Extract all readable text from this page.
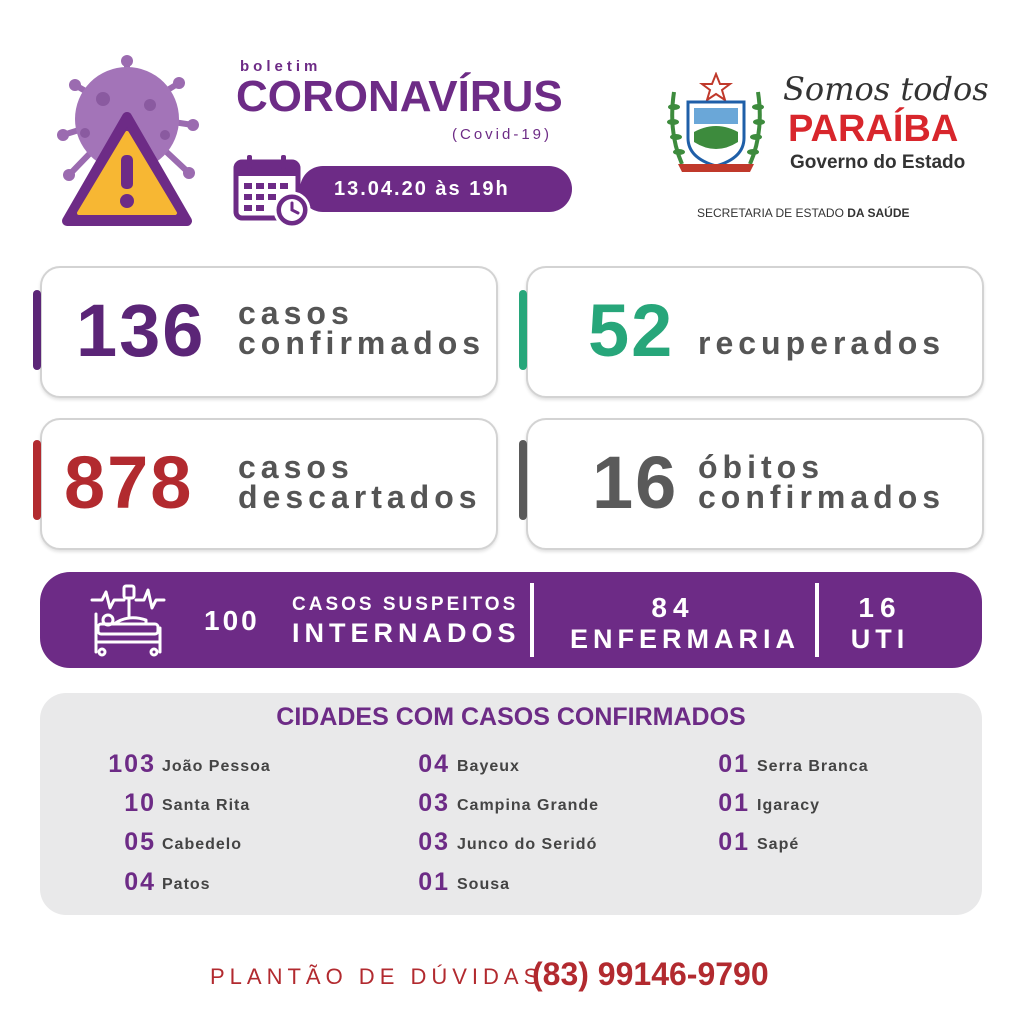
boletim
CORONAVÍRUS
(Covid-19)
13.04.20 às 19h
Somos todos
PARAÍBA
Governo do Estado
SECRETARIA DE ESTADO DA SAÚDE
136 casos
confirmados 52 recuperados
878 casos
descartados 16 óbitos
confirmados
100
CASOS SUSPEITOS
INTERNADOS
84
ENFERMARIA
16
UTI
CIDADES COM CASOS CONFIRMADOS
103 João Pessoa
10 Santa Rita
05 Cabedelo
04 Patos
04 Bayeux
03 Campina Grande
03 Junco do Seridó
01 Sousa
01 Serra Branca
01 Igaracy
01 Sapé
PLANTÃO DE DÚVIDAS
(83) 99146-9790
